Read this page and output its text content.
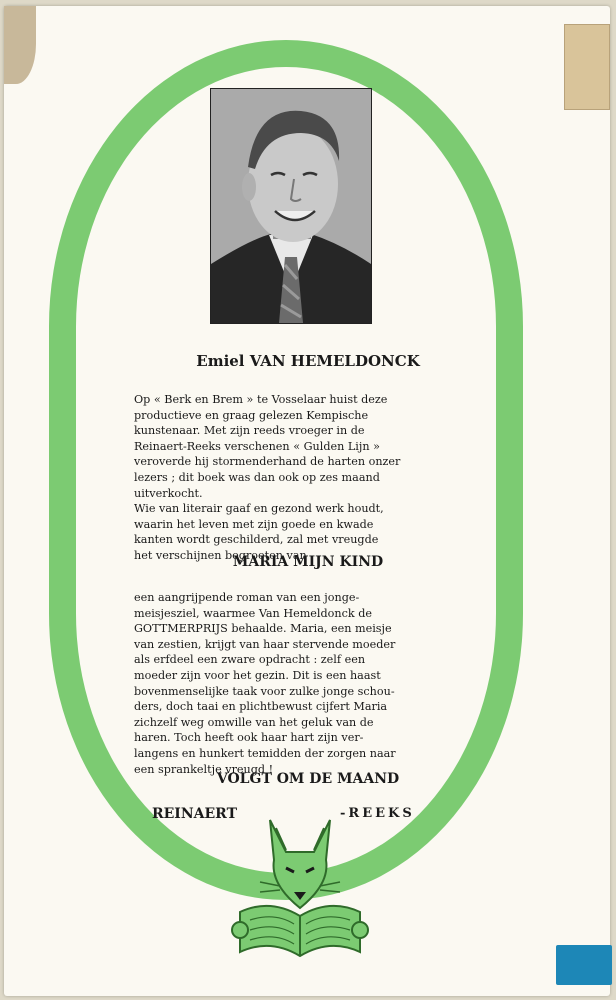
Emiel VAN HEMELDONCK
Op « Berk en Brem » te Vosselaar huist deze
productieve en graag gelezen Kempische
kunstenaar. Met zijn reeds vroeger in de
Reinaert-Reeks verschenen « Gulden Lijn »
veroverde hij stormenderhand de harten onzer
lezers ; dit boek was dan ook op zes maand
uitverkocht.
Wie van literair gaaf en gezond werk houdt,
waarin het leven met zijn goede en kwade
kanten wordt geschilderd, zal met vreugde
het verschijnen begroeten van
MARIA MIJN KIND
een aangrijpende roman van een jonge-
meisjesziel, waarmee Van Hemeldonck de
GOTTMERPRIJS behaalde. Maria, een meisje
van zestien, krijgt van haar stervende moeder
als erfdeel een zware opdracht : zelf een
moeder zijn voor het gezin. Dit is een haast
bovenmenselijke taak voor zulke jonge schou-
ders, doch taai en plichtbewust cijfert Maria
zichzelf weg omwille van het geluk van de
haren. Toch heeft ook haar hart zijn ver-
langens en hunkert temidden der zorgen naar
een sprankeltje vreugd !
VOLGT OM DE MAAND
REINAERT	-REEKS
